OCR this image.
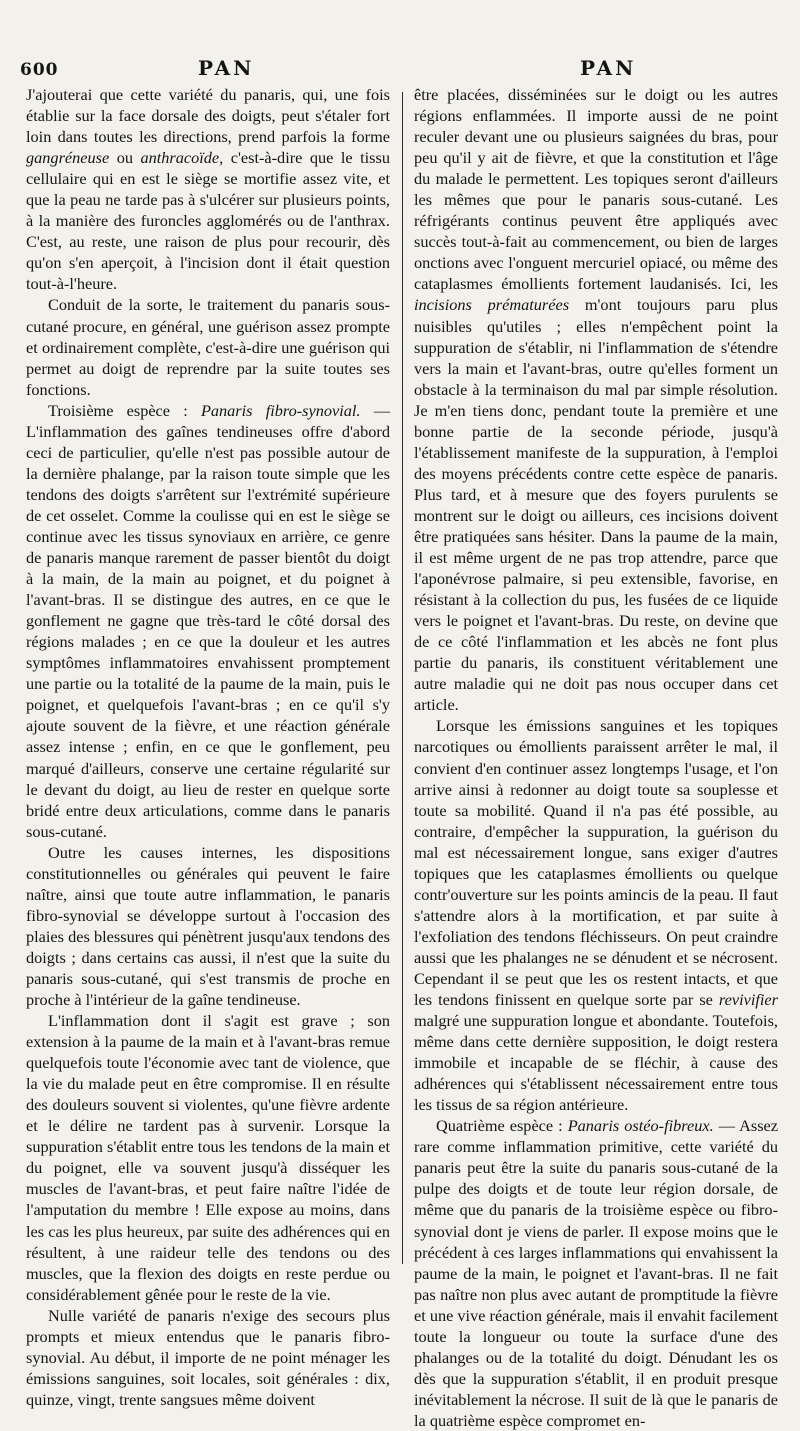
600	PAN	PAN

J'ajouterai que cette variété du panaris, qui, une fois établie sur la face dorsale des doigts, peut s'étaler fort loin dans toutes les directions, prend parfois la forme gangréneuse ou anthracoïde, c'est-à-dire que le tissu cellulaire qui en est le siège se mortifie assez vite, et que la peau ne tarde pas à s'ulcérer sur plusieurs points, à la manière des furoncles agglomérés ou de l'anthrax. C'est, au reste, une raison de plus pour recourir, dès qu'on s'en aperçoit, à l'incision dont il était question tout-à-l'heure.

Conduit de la sorte, le traitement du panaris sous-cutané procure, en général, une guérison assez prompte et ordinairement complète, c'est-à-dire une guérison qui permet au doigt de reprendre par la suite toutes ses fonctions.

Troisième espèce : Panaris fibro-synovial. — L'inflammation des gaînes tendineuses offre d'abord ceci de particulier, qu'elle n'est pas possible autour de la dernière phalange, par la raison toute simple que les tendons des doigts s'arrêtent sur l'extrémité supérieure de cet osselet. Comme la coulisse qui en est le siège se continue avec les tissus synoviaux en arrière, ce genre de panaris manque rarement de passer bientôt du doigt à la main, de la main au poignet, et du poignet à l'avant-bras. Il se distingue des autres, en ce que le gonflement ne gagne que très-tard le côté dorsal des régions malades ; en ce que la douleur et les autres symptômes inflammatoires envahissent promptement une partie ou la totalité de la paume de la main, puis le poignet, et quelquefois l'avant-bras ; en ce qu'il s'y ajoute souvent de la fièvre, et une réaction générale assez intense ; enfin, en ce que le gonflement, peu marqué d'ailleurs, conserve une certaine régularité sur le devant du doigt, au lieu de rester en quelque sorte bridé entre deux articulations, comme dans le panaris sous-cutané.

Outre les causes internes, les dispositions constitutionnelles ou générales qui peuvent le faire naître, ainsi que toute autre inflammation, le panaris fibro-synovial se développe surtout à l'occasion des plaies des blessures qui pénètrent jusqu'aux tendons des doigts ; dans certains cas aussi, il n'est que la suite du panaris sous-cutané, qui s'est transmis de proche en proche à l'intérieur de la gaîne tendineuse.

L'inflammation dont il s'agit est grave ; son extension à la paume de la main et à l'avant-bras remue quelquefois toute l'économie avec tant de violence, que la vie du malade peut en être compromise. Il en résulte des douleurs souvent si violentes, qu'une fièvre ardente et le délire ne tardent pas à survenir. Lorsque la suppuration s'établit entre tous les tendons de la main et du poignet, elle va souvent jusqu'à disséquer les muscles de l'avant-bras, et peut faire naître l'idée de l'amputation du membre ! Elle expose au moins, dans les cas les plus heureux, par suite des adhérences qui en résultent, à une raideur telle des tendons ou des muscles, que la flexion des doigts en reste perdue ou considérablement gênée pour le reste de la vie.

Nulle variété de panaris n'exige des secours plus prompts et mieux entendus que le panaris fibro-synovial. Au début, il importe de ne point ménager les émissions sanguines, soit locales, soit générales : dix, quinze, vingt, trente sangsues même doivent

être placées, disséminées sur le doigt ou les autres régions enflammées. Il importe aussi de ne point reculer devant une ou plusieurs saignées du bras, pour peu qu'il y ait de fièvre, et que la constitution et l'âge du malade le permettent. Les topiques seront d'ailleurs les mêmes que pour le panaris sous-cutané. Les réfrigérants continus peuvent être appliqués avec succès tout-à-fait au commencement, ou bien de larges onctions avec l'onguent mercuriel opiacé, ou même des cataplasmes émollients fortement laudanisés. Ici, les incisions prématurées m'ont toujours paru plus nuisibles qu'utiles ; elles n'empêchent point la suppuration de s'établir, ni l'inflammation de s'étendre vers la main et l'avant-bras, outre qu'elles forment un obstacle à la terminaison du mal par simple résolution. Je m'en tiens donc, pendant toute la première et une bonne partie de la seconde période, jusqu'à l'établissement manifeste de la suppuration, à l'emploi des moyens précédents contre cette espèce de panaris. Plus tard, et à mesure que des foyers purulents se montrent sur le doigt ou ailleurs, ces incisions doivent être pratiquées sans hésiter. Dans la paume de la main, il est même urgent de ne pas trop attendre, parce que l'aponévrose palmaire, si peu extensible, favorise, en résistant à la collection du pus, les fusées de ce liquide vers le poignet et l'avant-bras. Du reste, on devine que de ce côté l'inflammation et les abcès ne font plus partie du panaris, ils constituent véritablement une autre maladie qui ne doit pas nous occuper dans cet article.

Lorsque les émissions sanguines et les topiques narcotiques ou émollients paraissent arrêter le mal, il convient d'en continuer assez longtemps l'usage, et l'on arrive ainsi à redonner au doigt toute sa souplesse et toute sa mobilité. Quand il n'a pas été possible, au contraire, d'empêcher la suppuration, la guérison du mal est nécessairement longue, sans exiger d'autres topiques que les cataplasmes émollients ou quelque contr'ouverture sur les points amincis de la peau. Il faut s'attendre alors à la mortification, et par suite à l'exfoliation des tendons fléchisseurs. On peut craindre aussi que les phalanges ne se dénudent et se nécrosent. Cependant il se peut que les os restent intacts, et que les tendons finissent en quelque sorte par se revivifier malgré une suppuration longue et abondante. Toutefois, même dans cette dernière supposition, le doigt restera immobile et incapable de se fléchir, à cause des adhérences qui s'établissent nécessairement entre tous les tissus de sa région antérieure.

Quatrième espèce : Panaris ostéo-fibreux. — Assez rare comme inflammation primitive, cette variété du panaris peut être la suite du panaris sous-cutané de la pulpe des doigts et de toute leur région dorsale, de même que du panaris de la troisième espèce ou fibro-synovial dont je viens de parler. Il expose moins que le précédent à ces larges inflammations qui envahissent la paume de la main, le poignet et l'avant-bras. Il ne fait pas naître non plus avec autant de promptitude la fièvre et une vive réaction générale, mais il envahit facilement toute la longueur ou toute la surface d'une des phalanges ou de la totalité du doigt. Dénudant les os dès que la suppuration s'établit, il en produit presque inévitablement la nécrose. Il suit de là que le panaris de la quatrième espèce compromet en-
